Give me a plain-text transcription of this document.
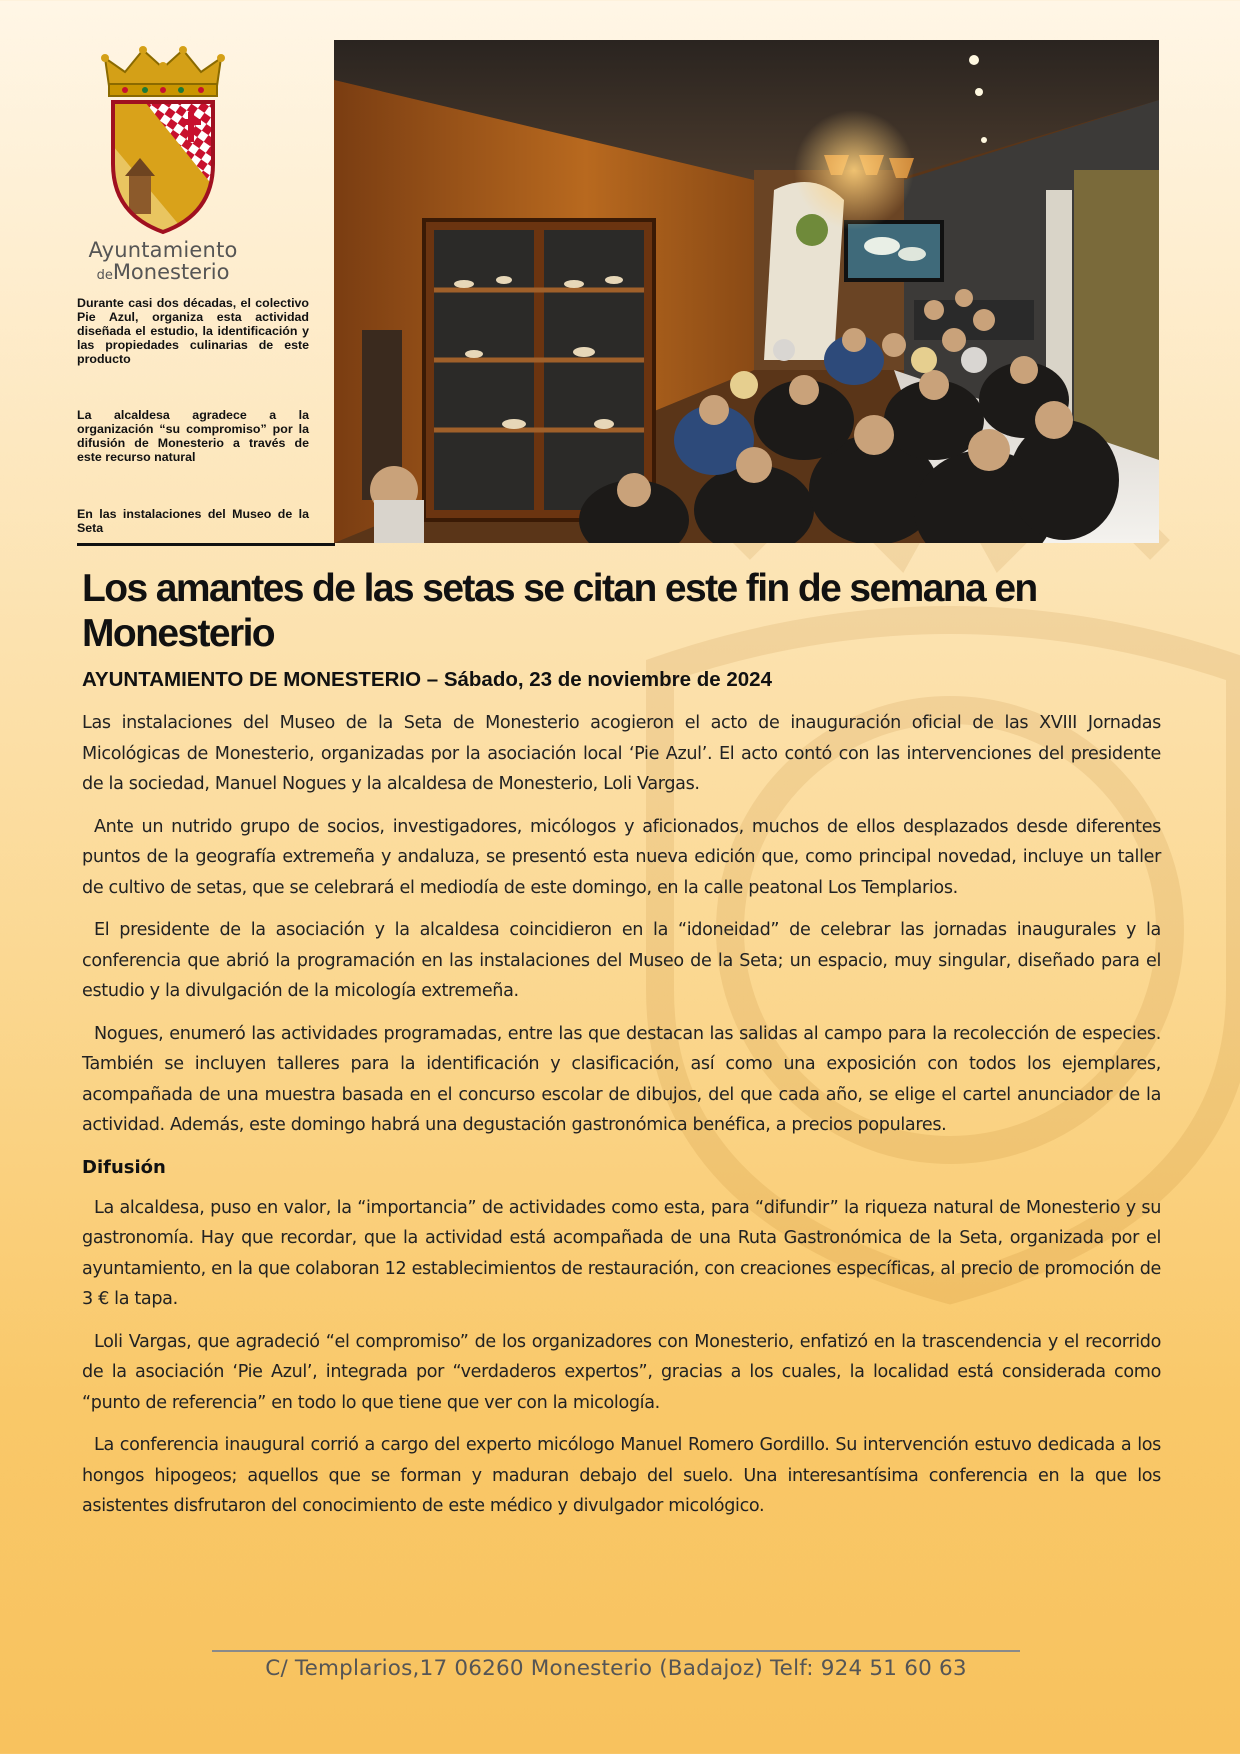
Ayuntamiento
deMonesterio
Durante casi dos décadas, el colectivo Pie Azul, organiza esta actividad diseñada el estudio, la identificación y las propiedades culinarias de este producto
La alcaldesa agradece a la organización “su compromiso” por la difusión de Monesterio a través de este recurso natural
En las instalaciones del Museo de la Seta
Los amantes de las setas se citan este fin de semana en Monesterio

AYUNTAMIENTO DE MONESTERIO – Sábado, 23 de noviembre de 2024

Las instalaciones del Museo de la Seta de Monesterio acogieron el acto de inauguración oficial de las XVIII Jornadas Micológicas de Monesterio, organizadas por la asociación local ‘Pie Azul’. El acto contó con las intervenciones del presidente de la sociedad, Manuel Nogues y la alcaldesa de Monesterio, Loli Vargas.

Ante un nutrido grupo de socios, investigadores, micólogos y aficionados, muchos de ellos desplazados desde diferentes puntos de la geografía extremeña y andaluza, se presentó esta nueva edición que, como principal novedad, incluye un taller de cultivo de setas, que se celebrará el mediodía de este domingo, en la calle peatonal Los Templarios.

El presidente de la asociación y la alcaldesa coincidieron en la “idoneidad” de celebrar las jornadas inaugurales y la conferencia que abrió la programación en las instalaciones del Museo de la Seta; un espacio, muy singular, diseñado para el estudio y la divulgación de la micología extremeña.

Nogues, enumeró las actividades programadas, entre las que destacan las salidas al campo para la recolección de especies. También se incluyen talleres para la identificación y clasificación, así como una exposición con todos los ejemplares, acompañada de una muestra basada en el concurso escolar de dibujos, del que cada año, se elige el cartel anunciador de la actividad. Además, este domingo habrá una degustación gastronómica benéfica, a precios populares.

Difusión

La alcaldesa, puso en valor, la “importancia” de actividades como esta, para “difundir” la riqueza natural de Monesterio y su gastronomía. Hay que recordar, que la actividad está acompañada de una Ruta Gastronómica de la Seta, organizada por el ayuntamiento, en la que colaboran 12 establecimientos de restauración, con creaciones específicas, al precio de promoción de 3 € la tapa.

Loli Vargas, que agradeció “el compromiso” de los organizadores con Monesterio, enfatizó en la trascendencia y el recorrido de la asociación ‘Pie Azul’, integrada por “verdaderos expertos”, gracias a los cuales, la localidad está considerada como “punto de referencia” en todo lo que tiene que ver con la micología.

La conferencia inaugural corrió a cargo del experto micólogo Manuel Romero Gordillo. Su intervención estuvo dedicada a los hongos hipogeos; aquellos que se forman y maduran debajo del suelo. Una interesantísima conferencia en la que los asistentes disfrutaron del conocimiento de este médico y divulgador micológico.

C/ Templarios,17 06260 Monesterio (Badajoz) Telf: 924 51 60 63
